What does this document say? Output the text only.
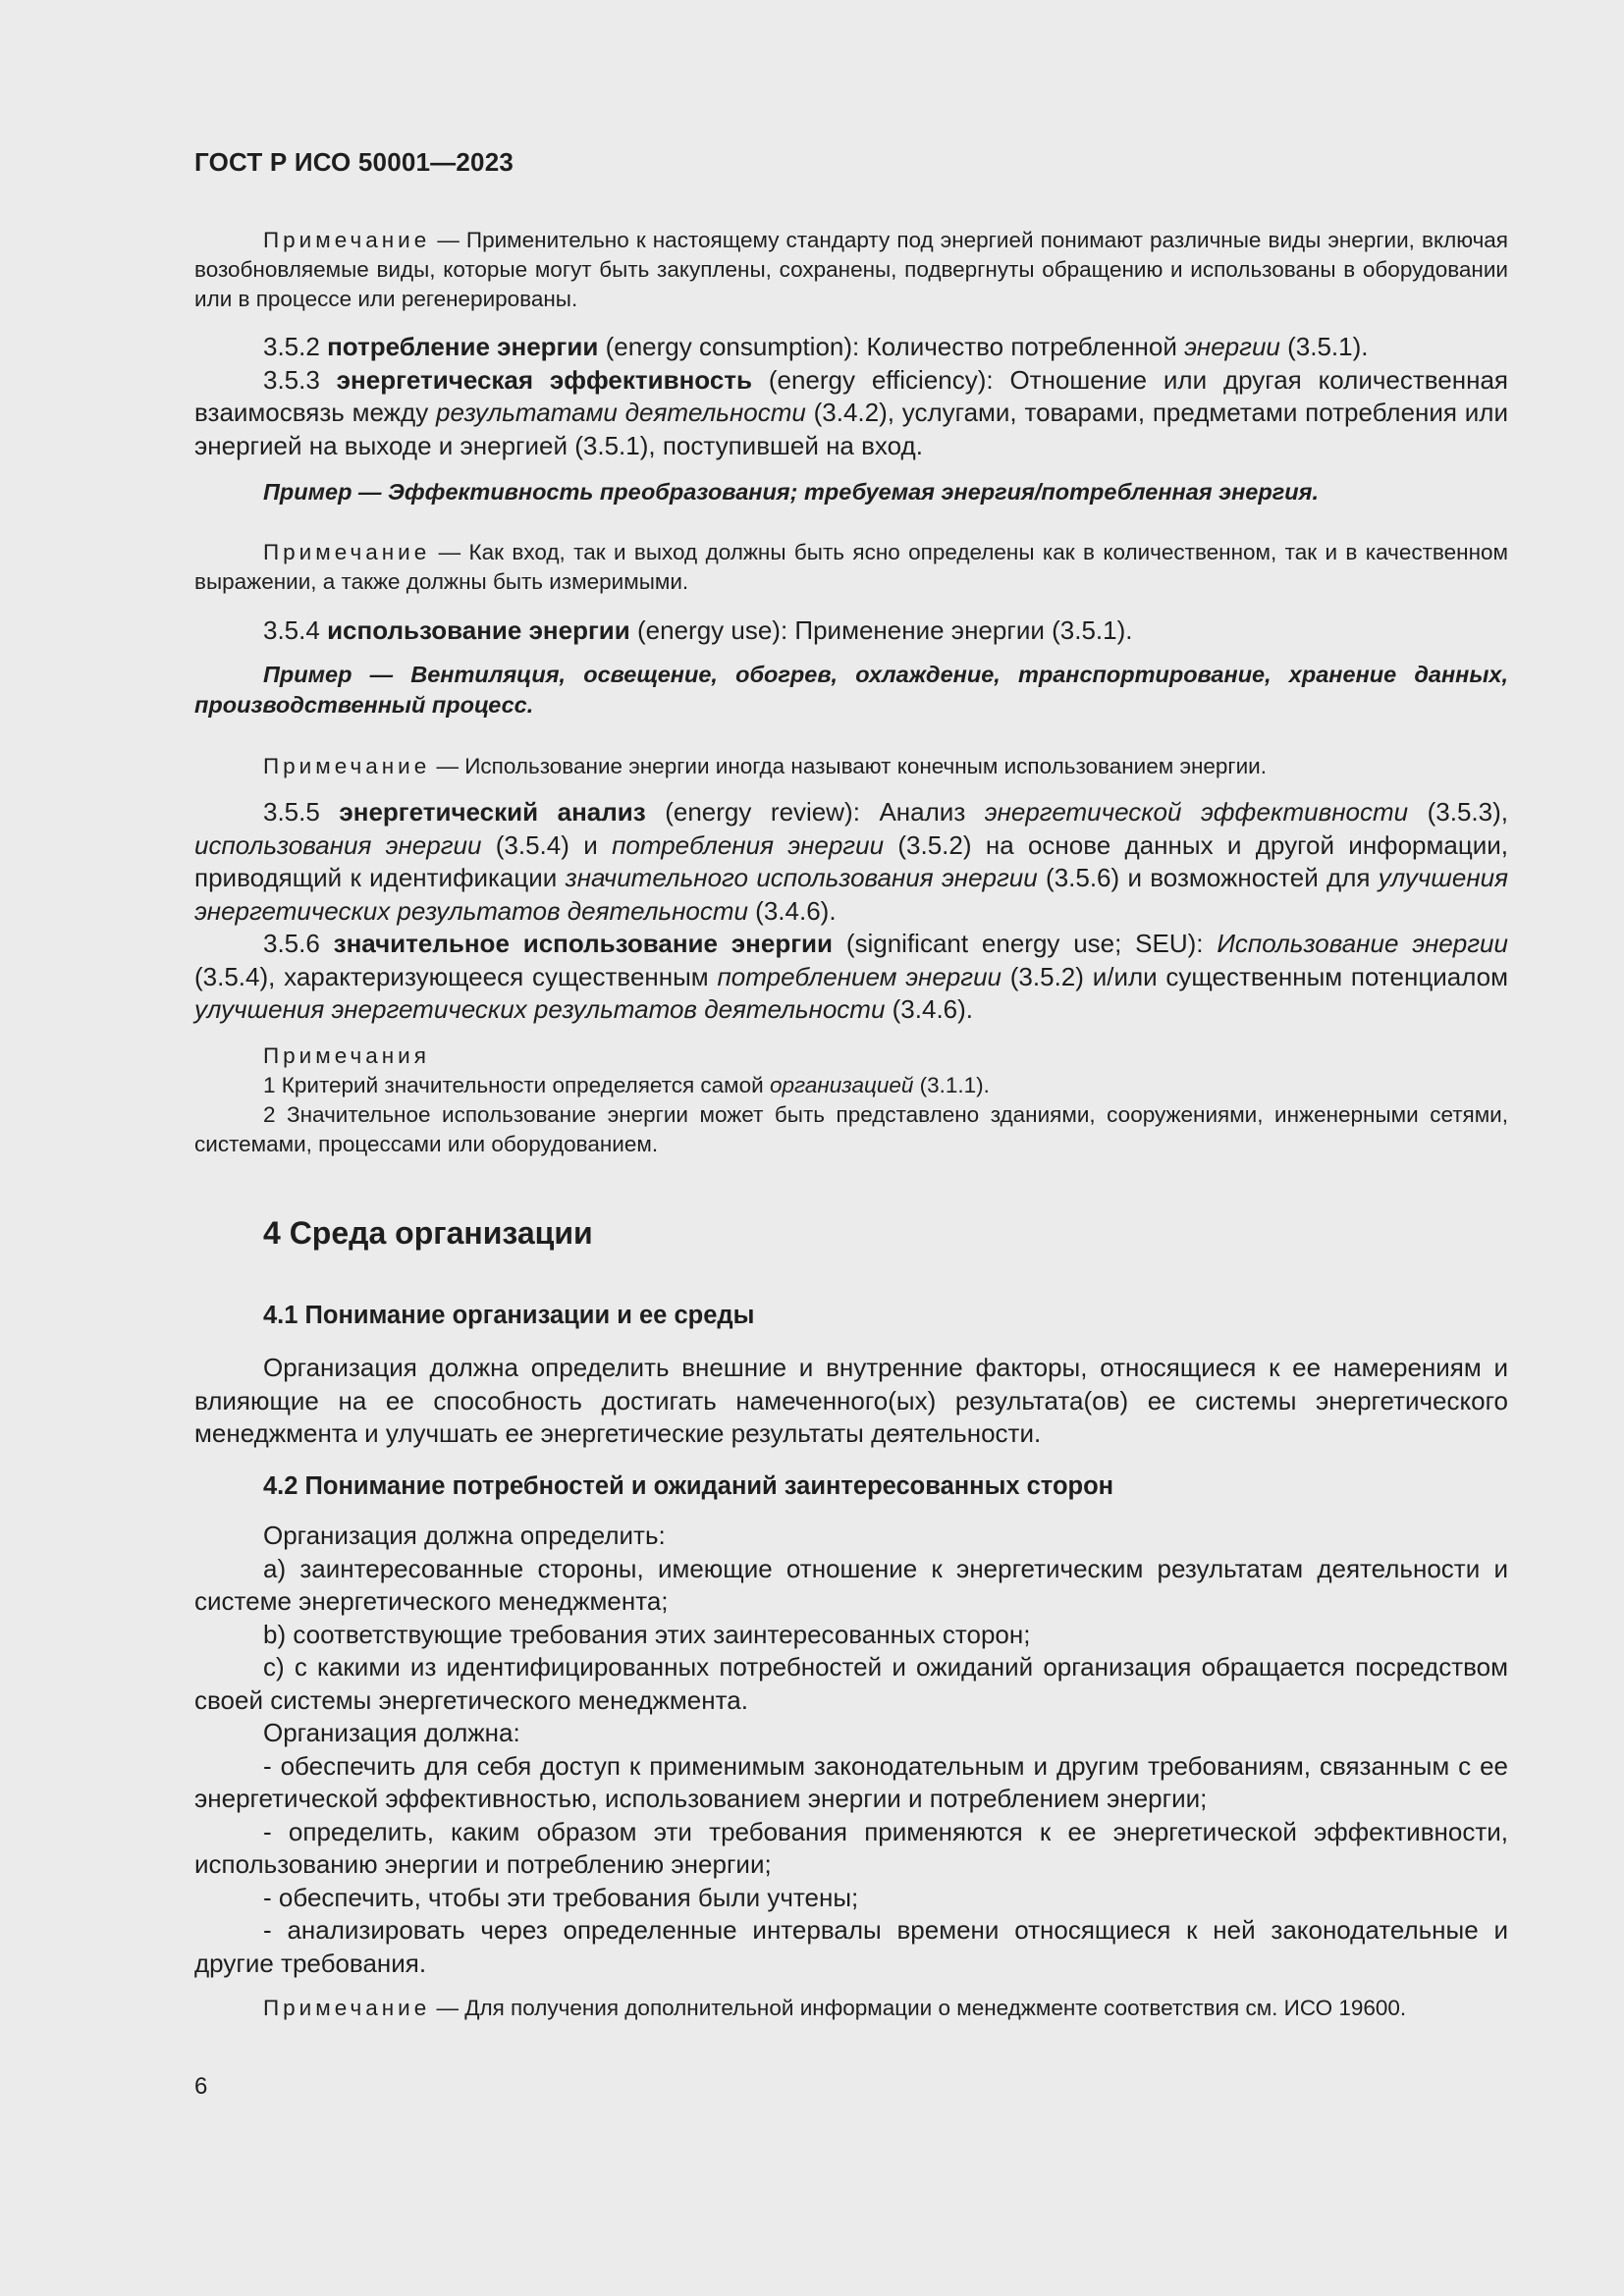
ГОСТ Р ИСО 50001—2023

Примечание — Применительно к настоящему стандарту под энергией понимают различные виды энергии, включая возобновляемые виды, которые могут быть закуплены, сохранены, подвергнуты обращению и использованы в оборудовании или в процессе или регенерированы.

3.5.2 потребление энергии (energy consumption): Количество потребленной энергии (3.5.1).

3.5.3 энергетическая эффективность (energy efficiency): Отношение или другая количественная взаимосвязь между результатами деятельности (3.4.2), услугами, товарами, предметами потребления или энергией на выходе и энергией (3.5.1), поступившей на вход.

Пример — Эффективность преобразования; требуемая энергия/потребленная энергия.

Примечание — Как вход, так и выход должны быть ясно определены как в количественном, так и в качественном выражении, а также должны быть измеримыми.

3.5.4 использование энергии (energy use): Применение энергии (3.5.1).

Пример — Вентиляция, освещение, обогрев, охлаждение, транспортирование, хранение данных, производственный процесс.

Примечание — Использование энергии иногда называют конечным использованием энергии.

3.5.5 энергетический анализ (energy review): Анализ энергетической эффективности (3.5.3), использования энергии (3.5.4) и потребления энергии (3.5.2) на основе данных и другой информации, приводящий к идентификации значительного использования энергии (3.5.6) и возможностей для улучшения энергетических результатов деятельности (3.4.6).

3.5.6 значительное использование энергии (significant energy use; SEU): Использование энергии (3.5.4), характеризующееся существенным потреблением энергии (3.5.2) и/или существенным потенциалом улучшения энергетических результатов деятельности (3.4.6).

Примечания

1 Критерий значительности определяется самой организацией (3.1.1).

2 Значительное использование энергии может быть представлено зданиями, сооружениями, инженерными сетями, системами, процессами или оборудованием.

4 Среда организации

4.1 Понимание организации и ее среды

Организация должна определить внешние и внутренние факторы, относящиеся к ее намерениям и влияющие на ее способность достигать намеченного(ых) результата(ов) ее системы энергетического менеджмента и улучшать ее энергетические результаты деятельности.

4.2 Понимание потребностей и ожиданий заинтересованных сторон

Организация должна определить:

а) заинтересованные стороны, имеющие отношение к энергетическим результатам деятельности и системе энергетического менеджмента;

b) соответствующие требования этих заинтересованных сторон;

с) с какими из идентифицированных потребностей и ожиданий организация обращается посредством своей системы энергетического менеджмента.

Организация должна:

- обеспечить для себя доступ к применимым законодательным и другим требованиям, связанным с ее энергетической эффективностью, использованием энергии и потреблением энергии;

- определить, каким образом эти требования применяются к ее энергетической эффективности, использованию энергии и потреблению энергии;

- обеспечить, чтобы эти требования были учтены;

- анализировать через определенные интервалы времени относящиеся к ней законодательные и другие требования.

Примечание — Для получения дополнительной информации о менеджменте соответствия см. ИСО 19600.

6
